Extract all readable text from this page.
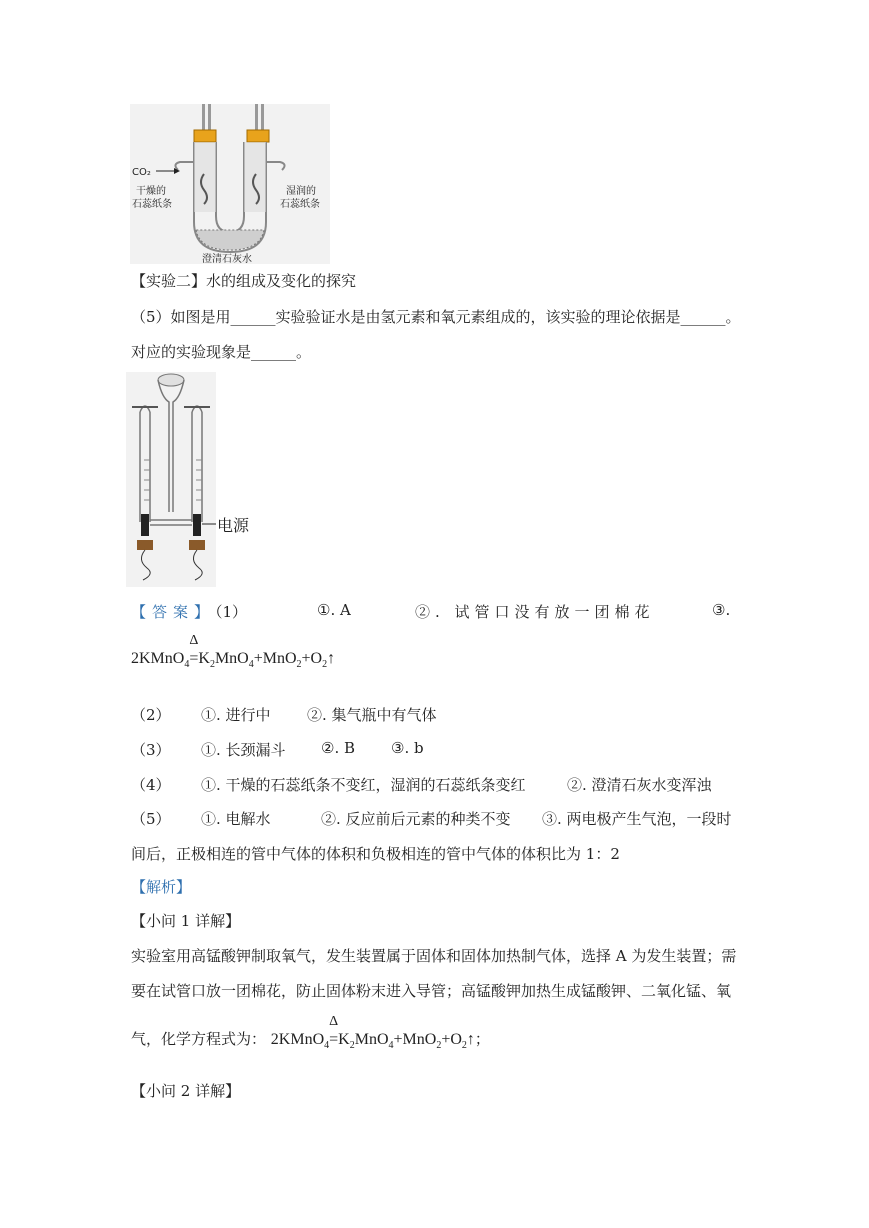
CO₂
干燥的
石蕊纸条
湿润的
石蕊纸条
澄清石灰水
【实验二】水的组成及变化的探究
（5）如图是用______实验验证水是由氢元素和氧元素组成的，该实验的理论依据是______。
对应的实验现象是______。
电源
【答案】（1）	①. A	②. 试管口没有放一团棉花	③.
2KMnO$_4$
Δ
$=K_2MnO_4+MnO_2+O_2↑$
（2） ①. 进行中 ②. 集气瓶中有气体
（3） ①. 长颈漏斗 ②. B ③. b
（4） ①. 干燥的石蕊纸条不变红，湿润的石蕊纸条变红	②. 澄清石灰水变浑浊
（5） ①. 电解水	②. 反应前后元素的种类不变 ③. 两电极产生气泡，一段时
间后，正极相连的管中气体的体积和负极相连的管中气体的体积比为 1：2
【解析】
【小问 1 详解】
实验室用高锰酸钾制取氧气，发生装置属于固体和固体加热制气体，选择 A 为发生装置；需
要在试管口放一团棉花，防止固体粉末进入导管；高锰酸钾加热生成锰酸钾、二氧化锰、氧
气，化学方程式为： 2KMnO$_4$
Δ
$=K_2MnO_4+MnO_2+O_2↑$；
【小问 2 详解】
